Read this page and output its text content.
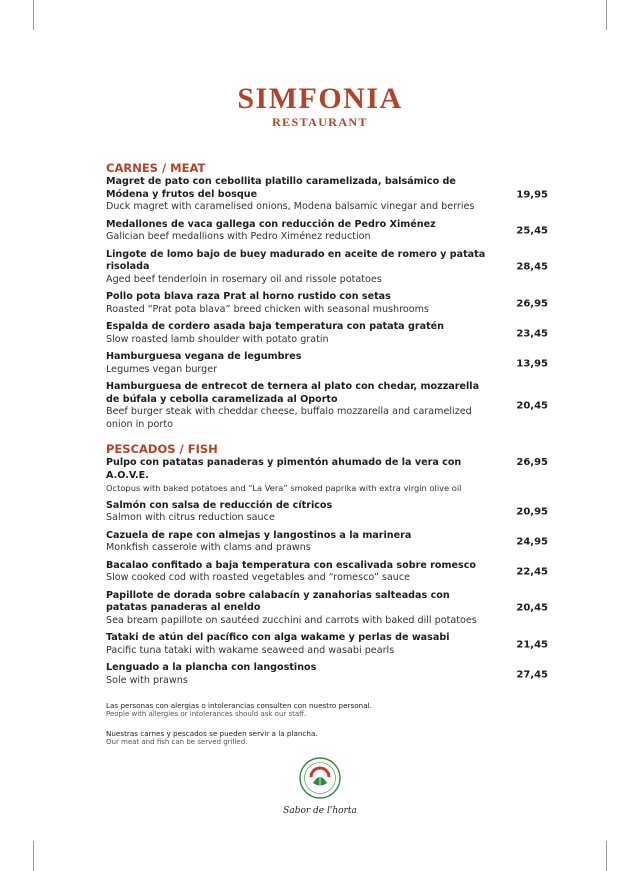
SIMFONIA
RESTAURANT
CARNES / MEAT
Magret de pato con cebollita platillo caramelizada, balsámico de Módena y frutos del bosque
Duck magret with caramelised onions, Modena balsamic vinegar and berries
19,95
Medallones de vaca gallega con reducción de Pedro Ximénez
Galician beef medallions with Pedro Ximénez reduction	25,45
Lingote de lomo bajo de buey madurado en aceite de romero y patata risolada
Aged beef tenderloin in rosemary oil and rissole potatoes
28,45
Pollo pota blava raza Prat al horno rustido con setas
Roasted “Prat pota blava” breed chicken with seasonal mushrooms	26,95
Espalda de cordero asada baja temperatura con patata gratén
Slow roasted lamb shoulder with potato gratin	23,45
Hamburguesa vegana de legumbres
Legumes vegan burger	13,95
Hamburguesa de entrecot de ternera al plato con chedar, mozzarella de búfala y cebolla caramelizada al Oporto
Beef burger steak with cheddar cheese, buffalo mozzarella and caramelized onion in porto
20,45
PESCADOS / FISH
Pulpo con patatas panaderas y pimentón ahumado de la vera con A.O.V.E.
Octopus with baked potatoes and “La Vera” smoked paprika with extra virgin olive oil
26,95
Salmón con salsa de reducción de cítricos
Salmon with citrus reduction sauce	20,95
Cazuela de rape con almejas y langostinos a la marinera
Monkfish casserole with clams and prawns	24,95
Bacalao confitado a baja temperatura con escalivada sobre romesco
Slow cooked cod with roasted vegetables and “romesco” sauce	22,45
Papillote de dorada sobre calabacín y zanahorias salteadas con patatas panaderas al eneldo
Sea bream papillote on sautéed zucchini and carrots with baked dill potatoes
20,45
Tataki de atún del pacífico con alga wakame y perlas de wasabi
Pacific tuna tataki with wakame seaweed and wasabi pearls	21,45
Lenguado a la plancha con langostinos
Sole with prawns	27,45

Las personas con alergias o intolerancias consulten con nuestro personal.
People with allergies or intolerances should ask our staff.

Nuestras carnes y pescados se pueden servir a la plancha.
Our meat and fish can be served grilled.

Sabor de l'horta
